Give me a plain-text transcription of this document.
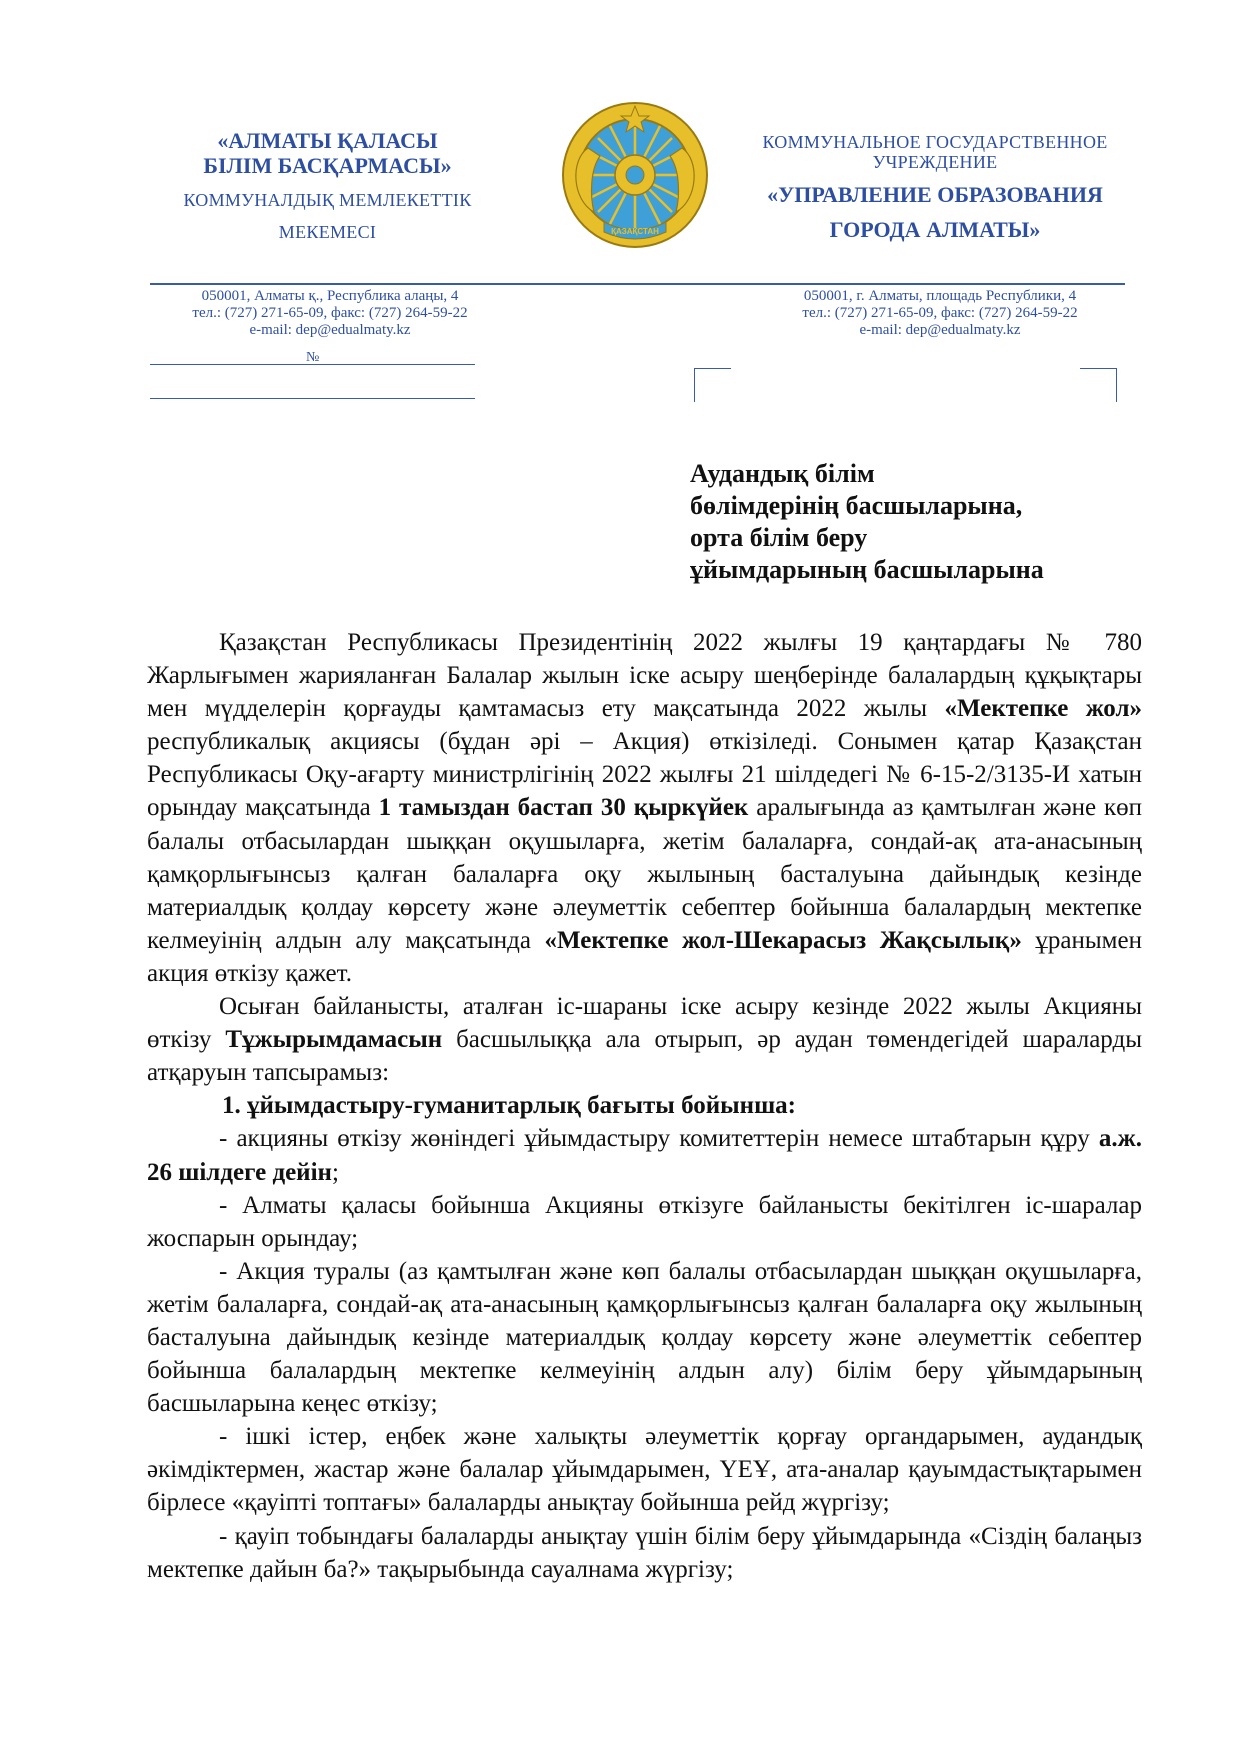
«АЛМАТЫ ҚАЛАСЫ
БІЛІМ БАСҚАРМАСЫ»
КОММУНАЛДЫҚ МЕМЛЕКЕТТІК
МЕКЕМЕСІ	ҚАЗАҚСТАН
КОММУНАЛЬНОЕ ГОСУДАРСТВЕННОЕ
УЧРЕЖДЕНИЕ
«УПРАВЛЕНИЕ ОБРАЗОВАНИЯ
ГОРОДА АЛМАТЫ»
050001, Алматы қ., Республика алаңы, 4
тел.: (727) 271-65-09, факс: (727) 264-59-22
e-mail: dep@edualmaty.kz
050001, г. Алматы, площадь Республики, 4
тел.: (727) 271-65-09, факс: (727) 264-59-22
e-mail: dep@edualmaty.kz
№
Аудандық білім
бөлімдерінің басшыларына,
орта білім беру
ұйымдарының басшыларына

Қазақстан Республикасы Президентінің 2022 жылғы 19 қаңтардағы № 780 Жарлығымен жарияланған Балалар жылын іске асыру шеңберінде балалардың құқықтары мен мүдделерін қорғауды қамтамасыз ету мақсатында 2022 жылы «Мектепке жол» республикалық акциясы (бұдан әрі – Акция) өткізіледі. Сонымен қатар Қазақстан Республикасы Оқу-ағарту министрлігінің 2022 жылғы 21 шілдедегі № 6-15-2/3135-И хатын орындау мақсатында 1 тамыздан бастап 30 қыркүйек аралығында аз қамтылған және көп балалы отбасылардан шыққан оқушыларға, жетім балаларға, сондай-ақ ата-анасының қамқорлығынсыз қалған балаларға оқу жылының басталуына дайындық кезінде материалдық қолдау көрсету және әлеуметтік себептер бойынша балалардың мектепке келмеуінің алдын алу мақсатында «Мектепке жол-Шекарасыз Жақсылық» ұранымен акция өткізу қажет.

Осыған байланысты, аталған іс-шараны іске асыру кезінде 2022 жылы Акцияны өткізу Тұжырымдамасын басшылыққа ала отырып, әр аудан төмендегідей шараларды атқаруын тапсырамыз:

1. ұйымдастыру-гуманитарлық бағыты бойынша:

- акцияны өткізу жөніндегі ұйымдастыру комитеттерін немесе штабтарын құру а.ж. 26 шілдеге дейін;

- Алматы қаласы бойынша Акцияны өткізуге байланысты бекітілген іс-шаралар жоспарын орындау;

- Акция туралы (аз қамтылған және көп балалы отбасылардан шыққан оқушыларға, жетім балаларға, сондай-ақ ата-анасының қамқорлығынсыз қалған балаларға оқу жылының басталуына дайындық кезінде материалдық қолдау көрсету және әлеуметтік себептер бойынша балалардың мектепке келмеуінің алдын алу) білім беру ұйымдарының басшыларына кеңес өткізу;

- ішкі істер, еңбек және халықты әлеуметтік қорғау органдарымен, аудандық әкімдіктермен, жастар және балалар ұйымдарымен, ҮЕҰ, ата-аналар қауымдастықтарымен бірлесе «қауіпті топтағы» балаларды анықтау бойынша рейд жүргізу;

- қауіп тобындағы балаларды анықтау үшін білім беру ұйымдарында «Сіздің балаңыз мектепке дайын ба?» тақырыбында сауалнама жүргізу;
